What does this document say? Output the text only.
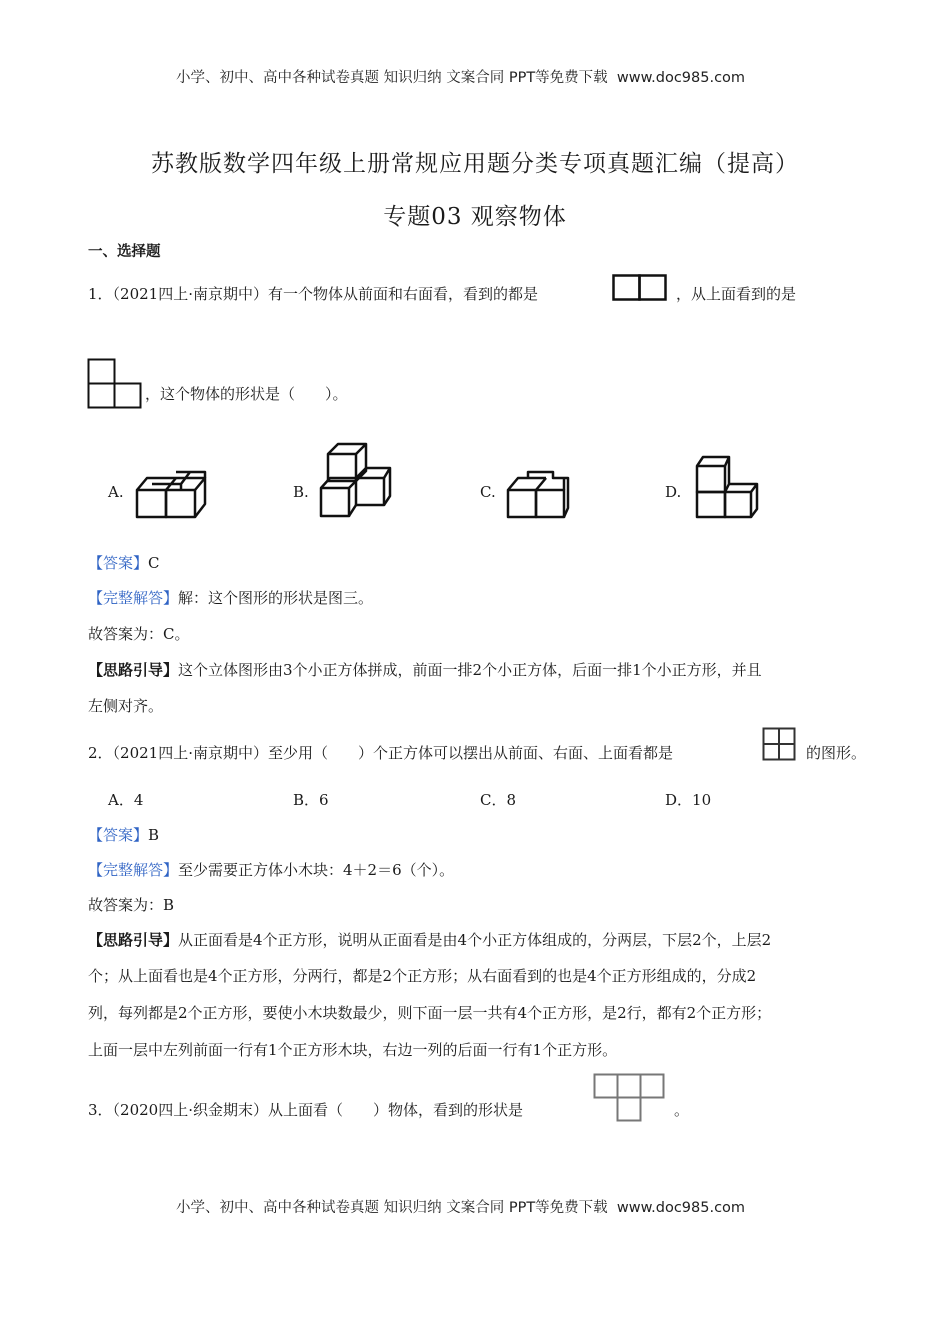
小学、初中、高中各种试卷真题 知识归纳 文案合同 PPT等免费下载 www.doc985.com
苏教版数学四年级上册常规应用题分类专项真题汇编（提高）
专题03 观察物体
一、选择题
1．（2021四上·南京期中）有一个物体从前面和右面看，看到的都是	，从上面看到的是
，这个物体的形状是（　　）。
A.	B.	C.	D.
【答案】C
【完整解答】解：这个图形的形状是图三。
故答案为：C。
【思路引导】这个立体图形由3个小正方体拼成，前面一排2个小正方体，后面一排1个小正方形，并且
左侧对齐。
2．（2021四上·南京期中）至少用（　　）个正方体可以摆出从前面、右面、上面看都是	的图形。
A．4	B．6	C．8	D．10
【答案】B
【完整解答】至少需要正方体小木块：4＋2＝6（个）。
故答案为：B
【思路引导】从正面看是4个正方形，说明从正面看是由4个小正方体组成的，分两层，下层2个，上层2
个；从上面看也是4个正方形，分两行，都是2个正方形；从右面看到的也是4个正方形组成的，分成2
列，每列都是2个正方形，要使小木块数最少，则下面一层一共有4个正方形，是2行，都有2个正方形；
上面一层中左列前面一行有1个正方形木块，右边一列的后面一行有1个正方形。
3．（2020四上·织金期末）从上面看（　　）物体，看到的形状是	。
小学、初中、高中各种试卷真题 知识归纳 文案合同 PPT等免费下载 www.doc985.com
